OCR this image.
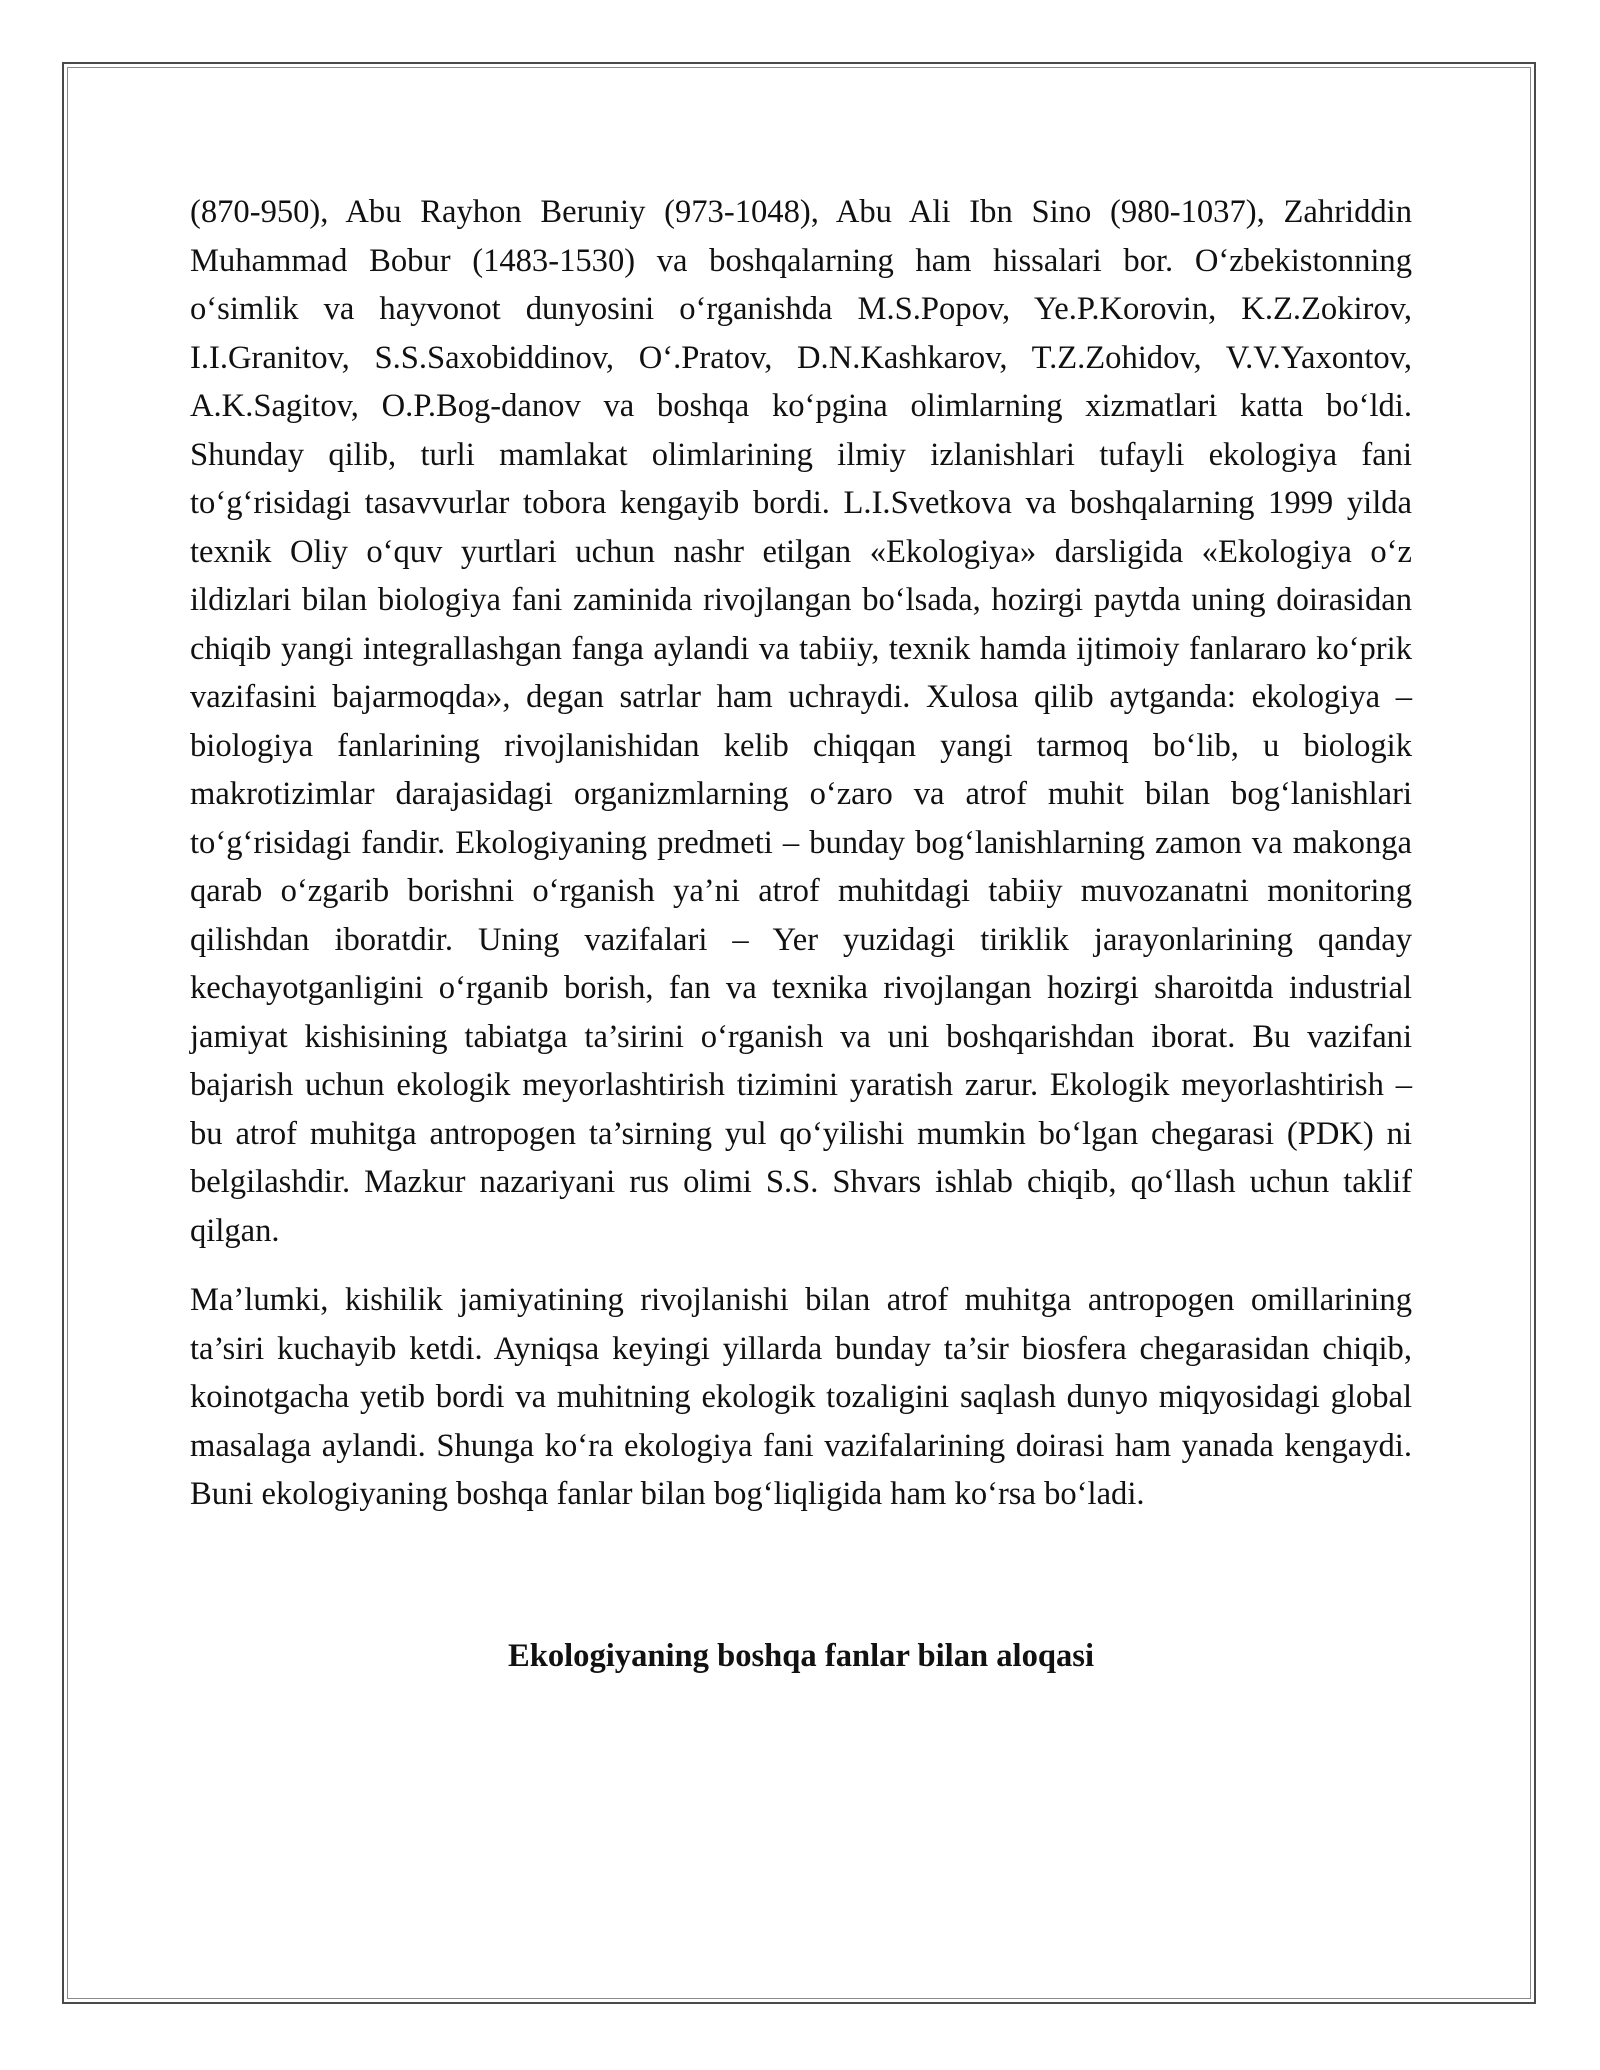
(870-950), Abu Rayhon Beruniy (973-1048), Abu Ali Ibn Sino (980-1037), Zahriddin Muhammad Bobur (1483-1530) va boshqalarning ham hissalari bor. O‘zbekistonning o‘simlik va hayvonot dunyosini o‘rganishda M.S.Popov, Ye.P.Korovin, K.Z.Zokirov, I.I.Granitov, S.S.Saxobiddinov, O‘.Pratov, D.N.Kashkarov, T.Z.Zohidov, V.V.Yaxontov, A.K.Sagitov, O.P.Bog-danov va boshqa ko‘pgina olimlarning xizmatlari katta bo‘ldi. Shunday qilib, turli mamlakat olimlarining ilmiy izlanishlari tufayli ekologiya fani to‘g‘risidagi tasavvurlar tobora kengayib bordi. L.I.Svetkova va boshqalarning 1999 yilda texnik Oliy o‘quv yurtlari uchun nashr etilgan «Ekologiya» darsligida «Ekologiya o‘z ildizlari bilan biologiya fani zaminida rivojlangan bo‘lsada, hozirgi paytda uning doirasidan chiqib yangi integrallashgan fanga aylandi va tabiiy, texnik hamda ijtimoiy fanlararo ko‘prik vazifasini bajarmoqda», degan satrlar ham uchraydi. Xulosa qilib aytganda: ekologiya – biologiya fanlarining rivojlanishidan kelib chiqqan yangi tarmoq bo‘lib, u biologik makrotizimlar darajasidagi organizmlarning o‘zaro va atrof muhit bilan bog‘lanishlari to‘g‘risidagi fandir. Ekologiyaning predmeti – bunday bog‘lanishlarning zamon va makonga qarab o‘zgarib borishni o‘rganish ya’ni atrof muhitdagi tabiiy muvozanatni monitoring qilishdan iboratdir. Uning vazifalari – Yer yuzidagi tiriklik jarayonlarining qanday kechayotganligini o‘rganib borish, fan va texnika rivojlangan hozirgi sharoitda industrial jamiyat kishisining tabiatga ta’sirini o‘rganish va uni boshqarishdan iborat. Bu vazifani bajarish uchun ekologik meyorlashtirish tizimini yaratish zarur. Ekologik meyorlashtirish – bu atrof muhitga antropogen ta’sirning yul qo‘yilishi mumkin bo‘lgan chegarasi (PDK) ni belgilashdir. Mazkur nazariyani rus olimi S.S. Shvars ishlab chiqib, qo‘llash uchun taklif qilgan.

Ma’lumki, kishilik jamiyatining rivojlanishi bilan atrof muhitga antropogen omillarining ta’siri kuchayib ketdi. Ayniqsa keyingi yillarda bunday ta’sir biosfera chegarasidan chiqib, koinotgacha yetib bordi va muhitning ekologik tozaligini saqlash dunyo miqyosidagi global masalaga aylandi. Shunga ko‘ra ekologiya fani vazifalarining doirasi ham yanada kengaydi. Buni ekologiyaning boshqa fanlar bilan bog‘liqligida ham ko‘rsa bo‘ladi.

Ekologiyaning boshqa fanlar bilan aloqasi
